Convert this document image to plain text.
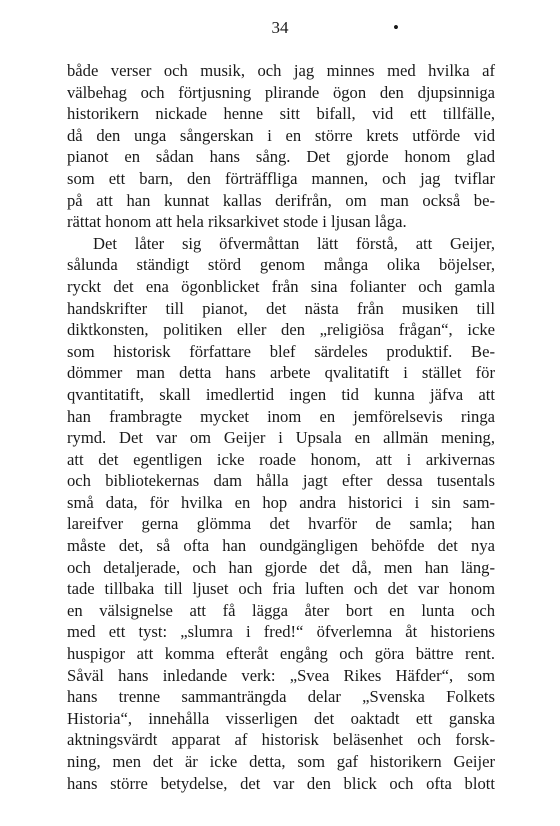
34	•
både verser och musik, och jag minnes med hvilka af
välbehag och förtjusning plirande ögon den djupsinniga
historikern nickade henne sitt bifall, vid ett tillfälle,
då den unga sångerskan i en större krets utförde vid
pianot en sådan hans sång. Det gjorde honom glad
som ett barn, den förträffliga mannen, och jag tviflar
på att han kunnat kallas derifrån, om man också be-
rättat honom att hela riksarkivet stode i ljusan låga.
Det låter sig öfvermåttan lätt förstå, att Geijer,
sålunda ständigt störd genom många olika böjelser,
ryckt det ena ögonblicket från sina folianter och gamla
handskrifter till pianot, det nästa från musiken till
diktkonsten, politiken eller den „religiösa frågan“, icke
som historisk författare blef särdeles produktif. Be-
dömmer man detta hans arbete qvalitatift i stället för
qvantitatift, skall imedlertid ingen tid kunna jäfva att
han frambragte mycket inom en jemförelsevis ringa
rymd. Det var om Geijer i Upsala en allmän mening,
att det egentligen icke roade honom, att i arkivernas
och bibliotekernas dam hålla jagt efter dessa tusentals
små data, för hvilka en hop andra historici i sin sam-
lareifver gerna glömma det hvarför de samla; han
måste det, så ofta han oundgängligen behöfde det nya
och detaljerade, och han gjorde det då, men han läng-
tade tillbaka till ljuset och fria luften och det var honom
en välsignelse att få lägga åter bort en lunta och
med ett tyst: „slumra i fred!“ öfverlemna åt historiens
huspigor att komma efteråt engång och göra bättre rent.
Såväl hans inledande verk: „Svea Rikes Häfder“, som
hans trenne sammanträngda delar „Svenska Folkets
Historia“, innehålla visserligen det oaktadt ett ganska
aktningsvärdt apparat af historisk beläsenhet och forsk-
ning, men det är icke detta, som gaf historikern Geijer
hans större betydelse, det var den blick och ofta blott
